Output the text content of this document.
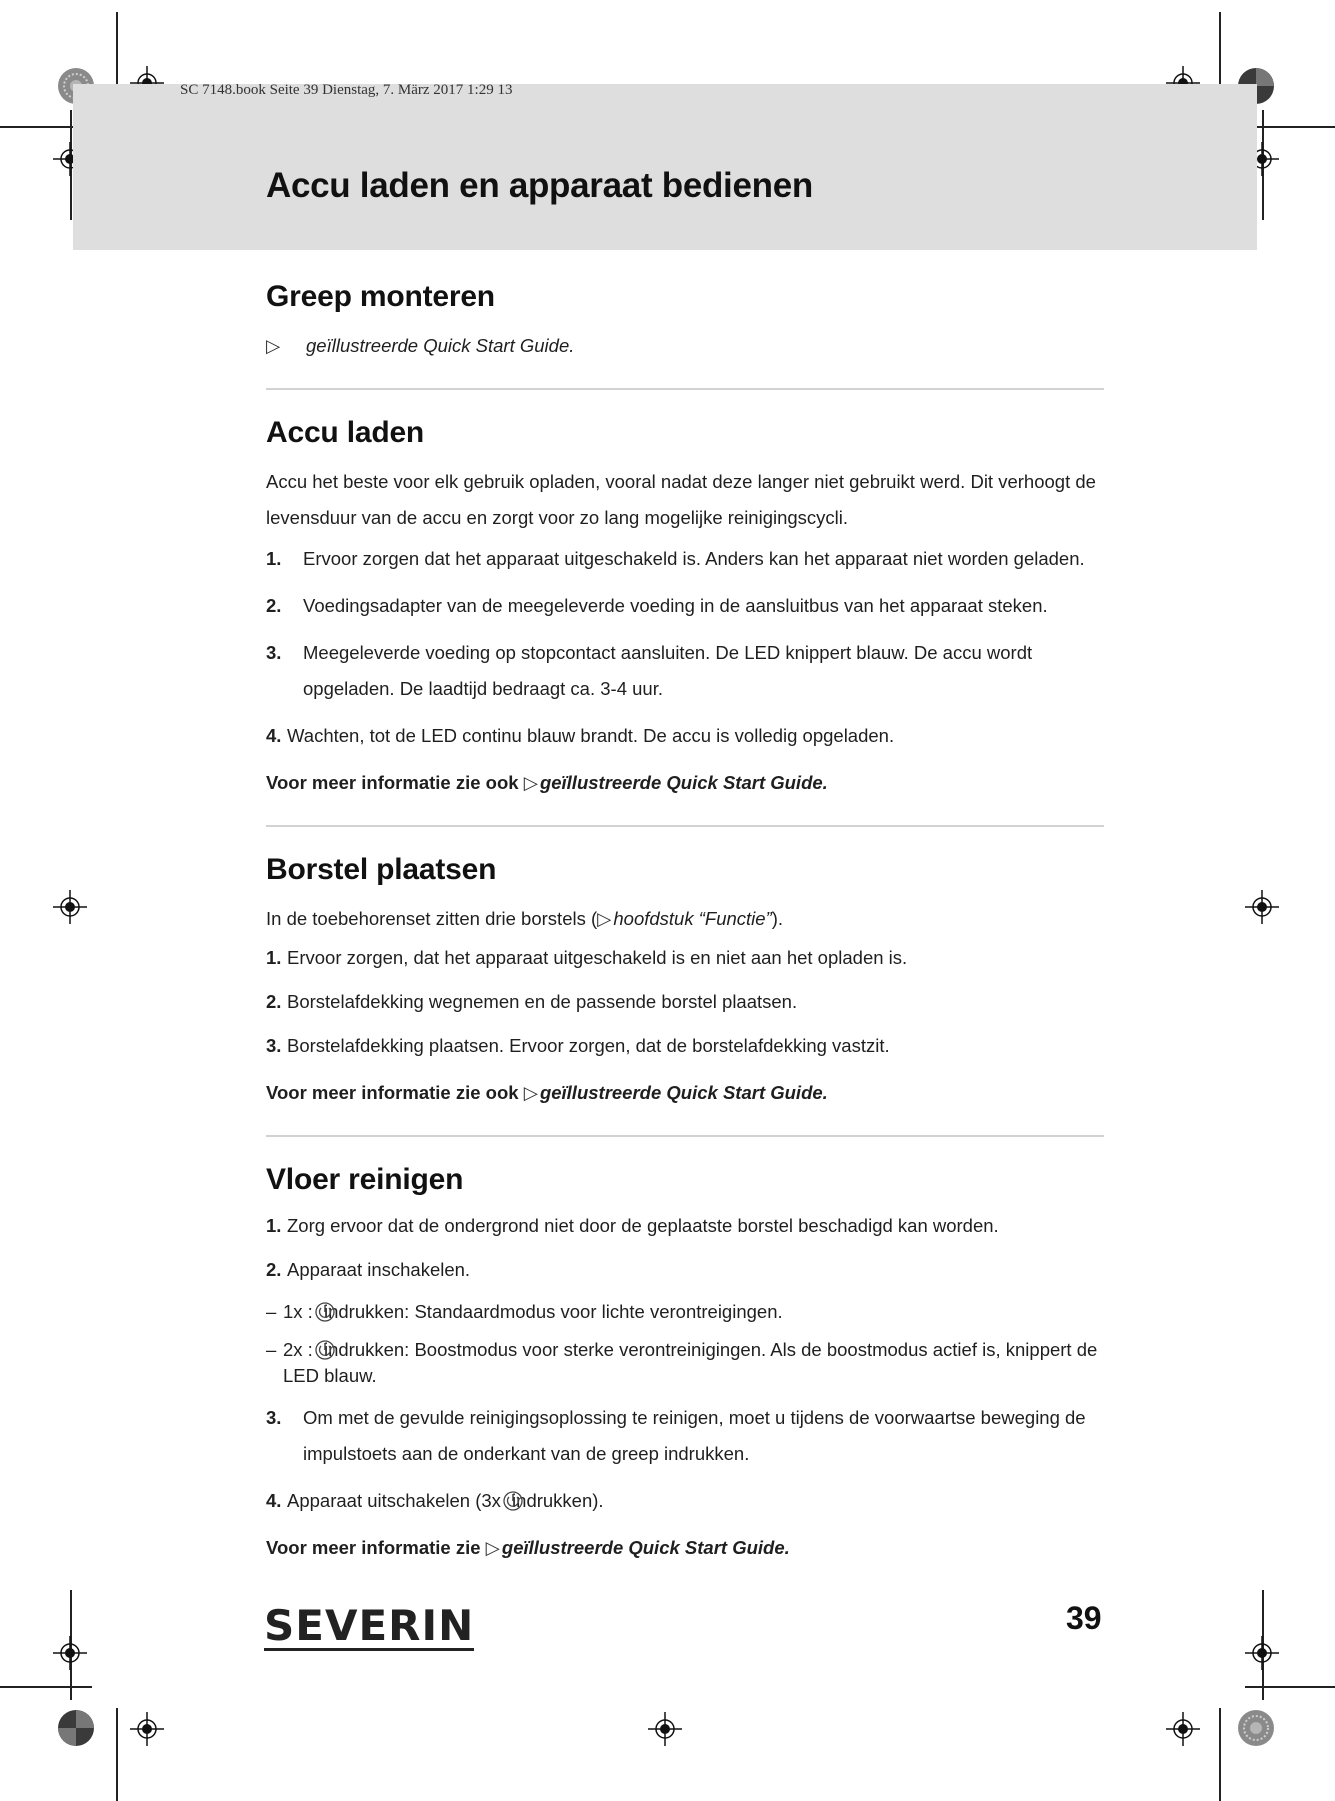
SC 7148.book Seite 39 Dienstag, 7. März 2017 1:29 13
Accu laden en apparaat bedienen
Greep monteren

▷ geïllustreerde Quick Start Guide.

Accu laden

Accu het beste voor elk gebruik opladen, vooral nadat deze langer niet gebruikt werd. Dit verhoogt de levensduur van de accu en zorgt voor zo lang mogelijke reinigingscycli.

1.	Ervoor zorgen dat het apparaat uitgeschakeld is. Anders kan het apparaat niet worden geladen.
2.	Voedingsadapter van de meegeleverde voeding in de aansluitbus van het apparaat steken.
3.	Meegeleverde voeding op stopcontact aansluiten. De LED knippert blauw. De accu wordt opgeladen. De laadtijd bedraagt ca. 3-4 uur.
4. Wachten, tot de LED continu blauw brandt. De accu is volledig opgeladen.

Voor meer informatie zie ook ▷ geïllustreerde Quick Start Guide.

Borstel plaatsen

In de toebehorenset zitten drie borstels (▷ hoofdstuk “Functie”).

1. Ervoor zorgen, dat het apparaat uitgeschakeld is en niet aan het opladen is.
2. Borstelafdekking wegnemen en de passende borstel plaatsen.
3. Borstelafdekking plaatsen. Ervoor zorgen, dat de borstelafdekking vastzit.

Voor meer informatie zie ook ▷ geïllustreerde Quick Start Guide.

Vloer reinigen
1. Zorg ervoor dat de ondergrond niet door de geplaatste borstel beschadigd kan worden.
2. Apparaat inschakelen.
– 1x : indrukken: Standaardmodus voor lichte verontreigingen.
– 2x : indrukken: Boostmodus voor sterke verontreinigingen. Als de boostmodus actief is, knippert de LED blauw.
3.	Om met de gevulde reinigingsoplossing te reinigen, moet u tijdens de voorwaartse beweging de impulstoets aan de onderkant van de greep indrukken.
4. Apparaat uitschakelen (3x
indrukken).

Voor meer informatie zie ▷ geïllustreerde Quick Start Guide.

SEVERIN	39
